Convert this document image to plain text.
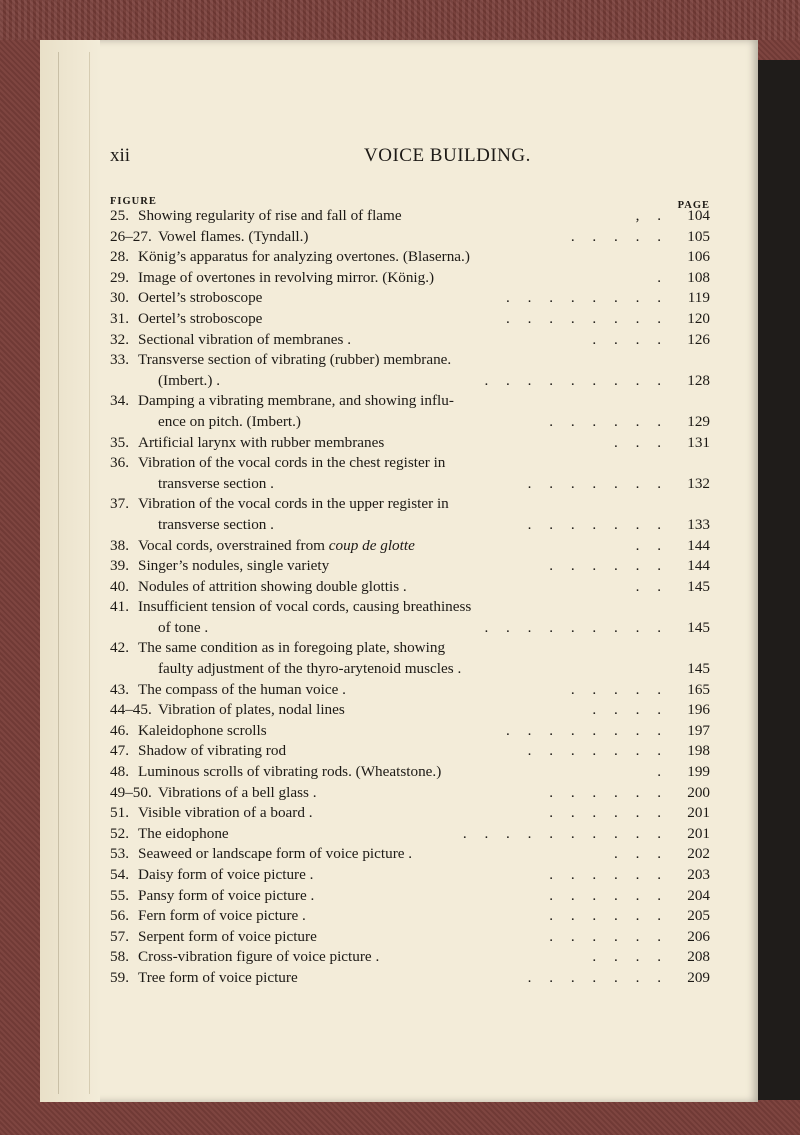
xii	VOICE BUILDING.
FIGURE	PAGE
25. Showing regularity of rise and fall of flame	, . 104
26–27. Vowel flames. (Tyndall.)	. . . . . 105
28. König’s apparatus for analyzing overtones. (Blaserna.)	106
29. Image of overtones in revolving mirror. (König.)	. 108
30. Oertel’s stroboscope	. . . . . . . . 119
31. Oertel’s stroboscope	. . . . . . . . 120
32. Sectional vibration of membranes .	. . . . 126
33. Transverse section of vibrating (rubber) membrane.
(Imbert.) .	. . . . . . . . . 128
34. Damping a vibrating membrane, and showing influ-
ence on pitch. (Imbert.)	. . . . . . 129
35. Artificial larynx with rubber membranes	. . . 131
36. Vibration of the vocal cords in the chest register in
transverse section .	. . . . . . . 132
37. Vibration of the vocal cords in the upper register in
transverse section .	. . . . . . . 133
38. Vocal cords, overstrained from coup de glotte	. . 144
39. Singer’s nodules, single variety	. . . . . . 144
40. Nodules of attrition showing double glottis .	. . 145
41. Insufficient tension of vocal cords, causing breathiness
of tone .	. . . . . . . . . 145
42. The same condition as in foregoing plate, showing
faulty adjustment of the thyro-arytenoid muscles .	145
43. The compass of the human voice .	. . . . . 165
44–45. Vibration of plates, nodal lines	. . . . 196
46. Kaleidophone scrolls	. . . . . . . . 197
47. Shadow of vibrating rod	. . . . . . . 198
48. Luminous scrolls of vibrating rods. (Wheatstone.)	. 199
49–50. Vibrations of a bell glass .	. . . . . . 200
51. Visible vibration of a board .	. . . . . . 201
52. The eidophone	. . . . . . . . . . 201
53. Seaweed or landscape form of voice picture .	. . . 202
54. Daisy form of voice picture .	. . . . . . 203
55. Pansy form of voice picture .	. . . . . . 204
56. Fern form of voice picture .	. . . . . . 205
57. Serpent form of voice picture	. . . . . . 206
58. Cross-vibration figure of voice picture .	. . . . 208
59. Tree form of voice picture	. . . . . . . 209
